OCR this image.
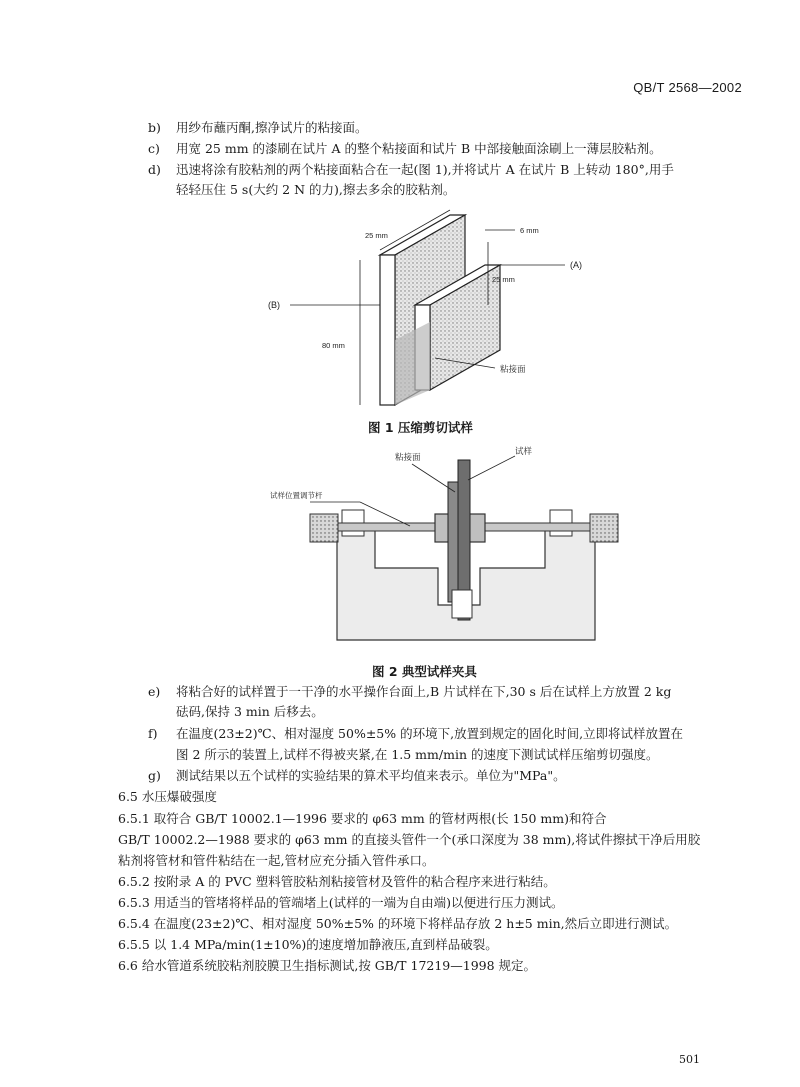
QB/T 2568—2002
b) 用纱布蘸丙酮,擦净试片的粘接面。
c) 用宽 25 mm 的漆刷在试片 A 的整个粘接面和试片 B 中部接触面涂刷上一薄层胶粘剂。
d) 迅速将涂有胶粘剂的两个粘接面粘合在一起(图 1),并将试片 A 在试片 B 上转动 180°,用手
轻轻压住 5 s(大约 2 N 的力),擦去多余的胶粘剂。
25 mm
6 mm
25 mm
(A)
(B)
80 mm
粘接面
图 1 压缩剪切试样
粘接面
试样
试样位置调节杆
图 2 典型试样夹具
e) 将粘合好的试样置于一干净的水平操作台面上,B 片试样在下,30 s 后在试样上方放置 2 kg
砝码,保持 3 min 后移去。
f) 在温度(23±2)℃、相对湿度 50%±5% 的环境下,放置到规定的固化时间,立即将试样放置在
图 2 所示的装置上,试样不得被夹紧,在 1.5 mm/min 的速度下测试试样压缩剪切强度。
g) 测试结果以五个试样的实验结果的算术平均值来表示。单位为"MPa"。
6.5 水压爆破强度
6.5.1 取符合 GB/T 10002.1—1996 要求的 φ63 mm 的管材两根(长 150 mm)和符合
GB/T 10002.2—1988 要求的 φ63 mm 的直接头管件一个(承口深度为 38 mm),将试件擦拭干净后用胶
粘剂将管材和管件粘结在一起,管材应充分插入管件承口。
6.5.2 按附录 A 的 PVC 塑料管胶粘剂粘接管材及管件的粘合程序来进行粘结。
6.5.3 用适当的管堵将样品的管端堵上(试样的一端为自由端)以便进行压力测试。
6.5.4 在温度(23±2)℃、相对湿度 50%±5% 的环境下将样品存放 2 h±5 min,然后立即进行测试。
6.5.5 以 1.4 MPa/min(1±10%)的速度增加静液压,直到样品破裂。
6.6 给水管道系统胶粘剂胶膜卫生指标测试,按 GB/T 17219—1998 规定。
501
